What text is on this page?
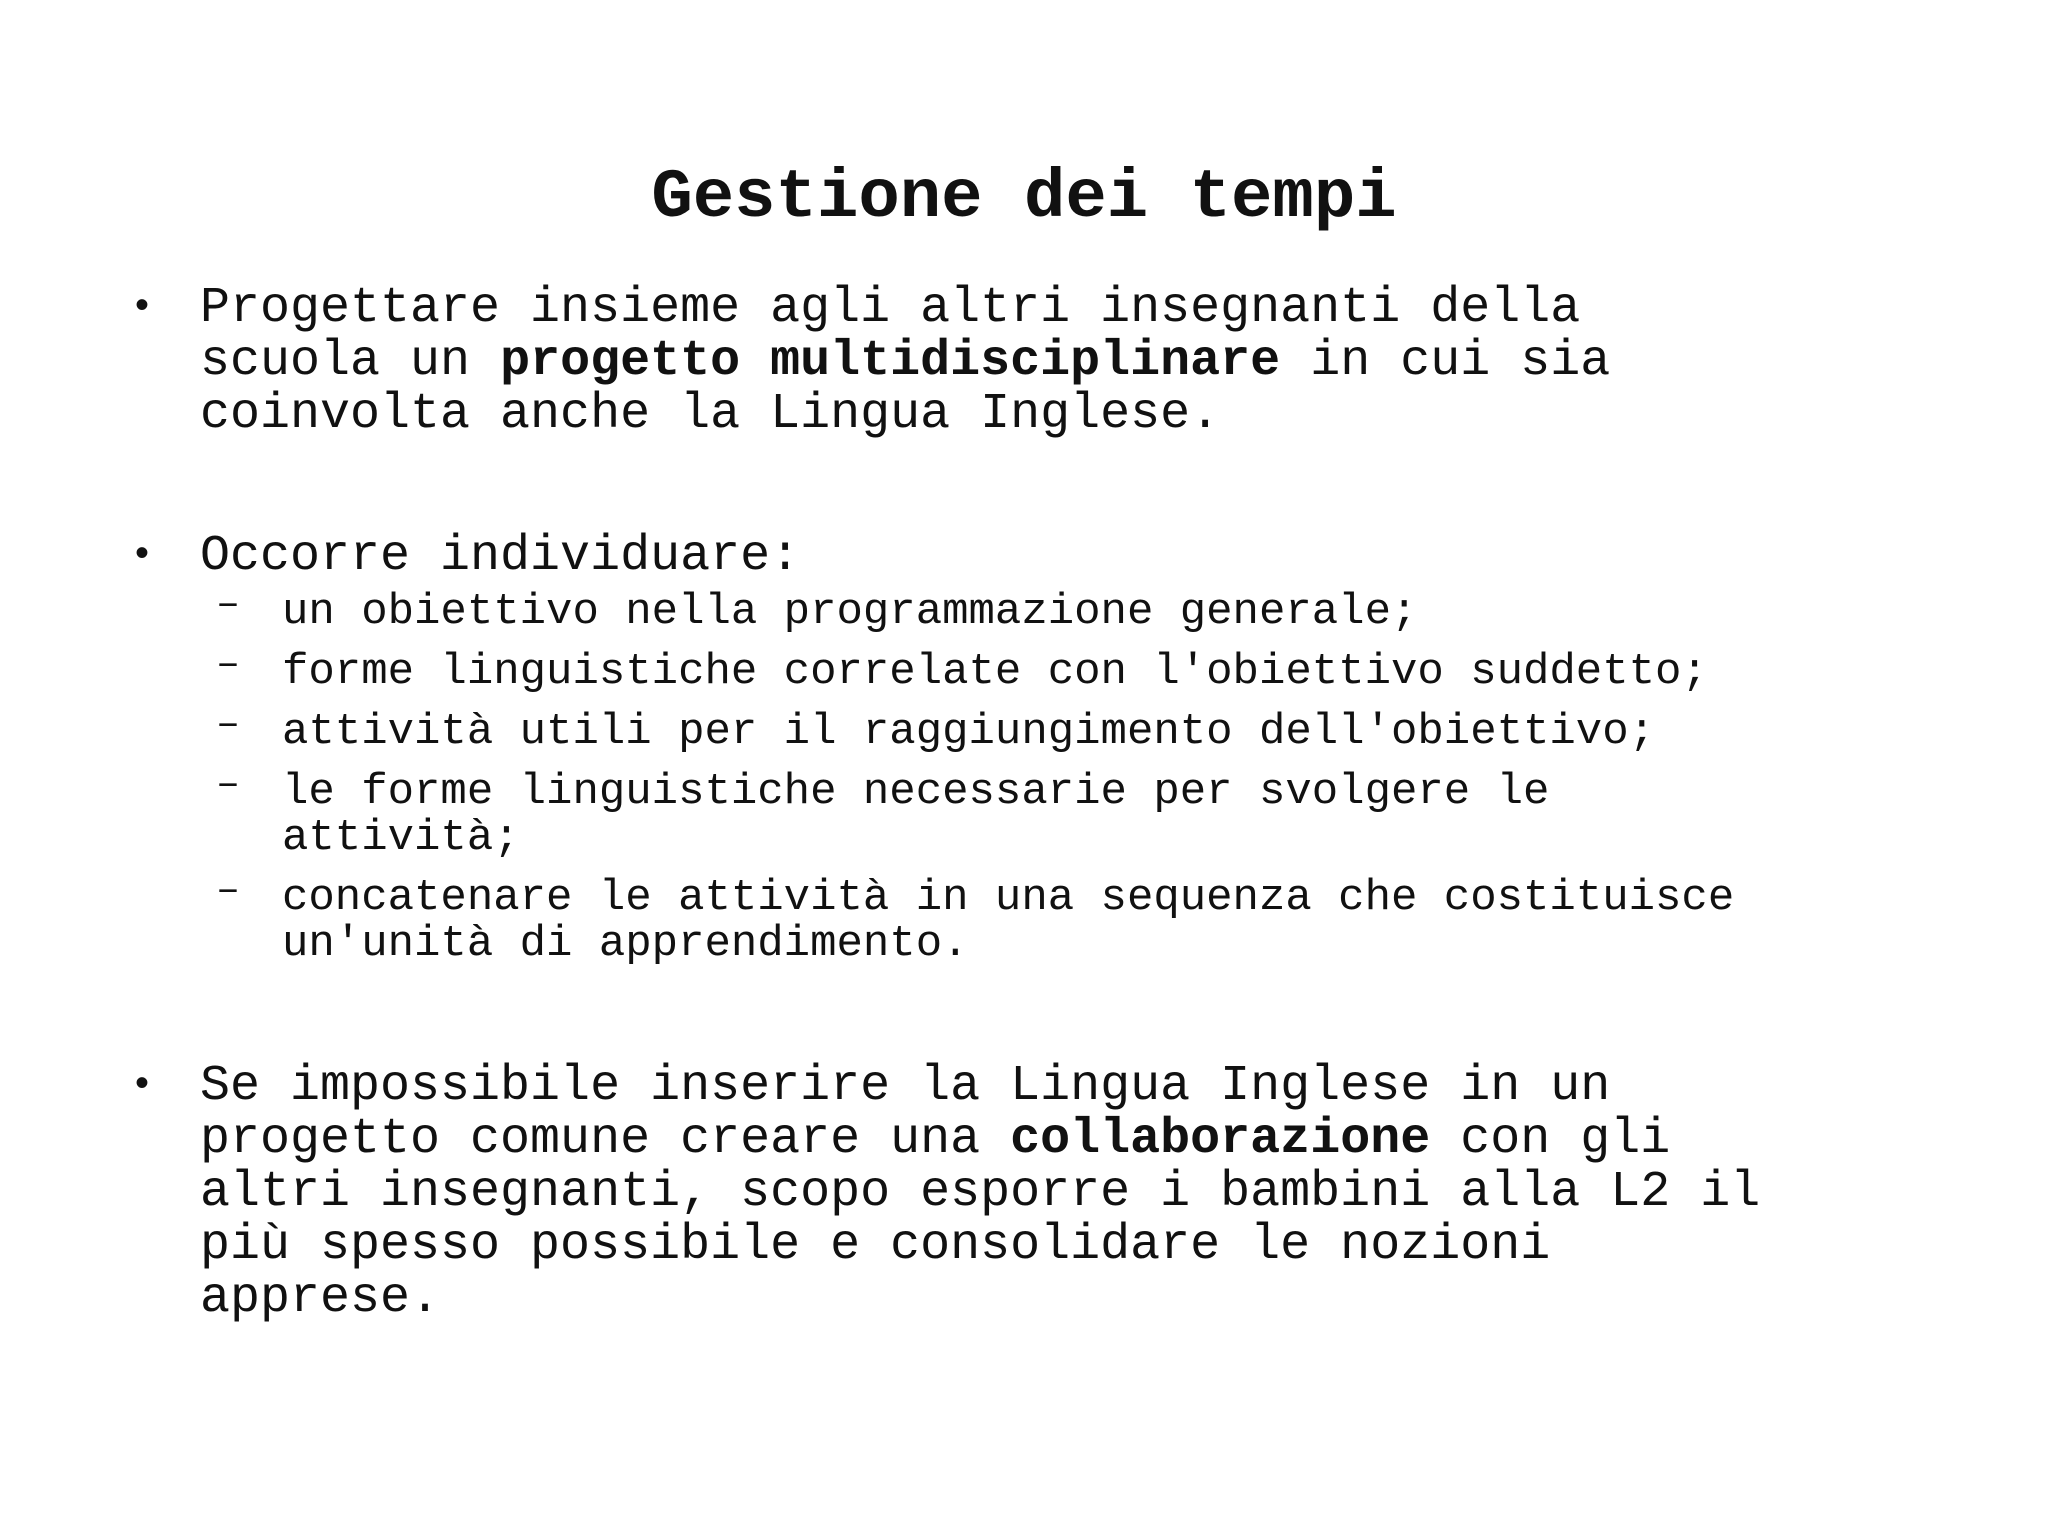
Gestione dei tempi
• Progettare insieme agli altri insegnanti della
scuola un progetto multidisciplinare in cui sia
coinvolta anche la Lingua Inglese.
• Occorre individuare:
– un obiettivo nella programmazione generale;
– forme linguistiche correlate con l'obiettivo suddetto;
– attività utili per il raggiungimento dell'obiettivo;
– le forme linguistiche necessarie per svolgere le
attività;
– concatenare le attività in una sequenza che costituisce
un'unità di apprendimento.
• Se impossibile inserire la Lingua Inglese in un
progetto comune creare una collaborazione con gli
altri insegnanti, scopo esporre i bambini alla L2 il
più spesso possibile e consolidare le nozioni
apprese.
